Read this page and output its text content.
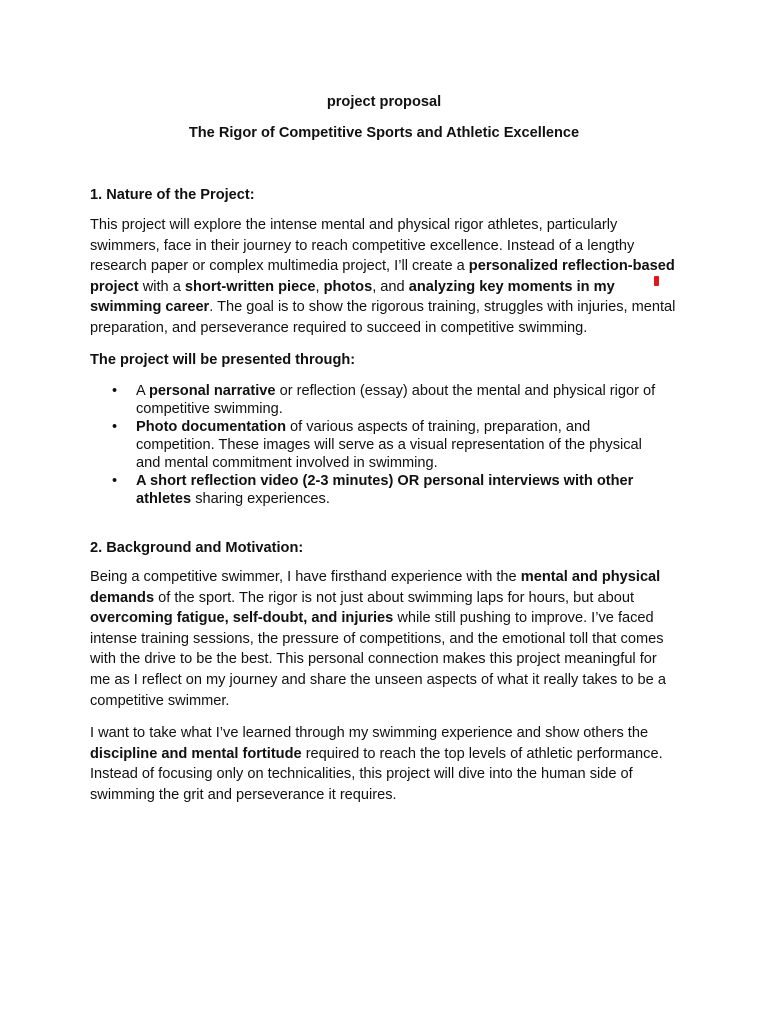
project proposal
The Rigor of Competitive Sports and Athletic Excellence
1. Nature of the Project:

This project will explore the intense mental and physical rigor athletes, particularly swimmers, face in their journey to reach competitive excellence. Instead of a lengthy research paper or complex multimedia project, I’ll create a personalized reflection-based project with a short-written piece, photos, and analyzing key moments in my swimming career. The goal is to show the rigorous training, struggles with injuries, mental preparation, and perseverance required to succeed in competitive swimming.

The project will be presented through:
• A personal narrative or reflection (essay) about the mental and physical rigor of competitive swimming.
• Photo documentation of various aspects of training, preparation, and competition. These images will serve as a visual representation of the physical and mental commitment involved in swimming.
• A short reflection video (2-3 minutes) OR personal interviews with other athletes sharing experiences.
2. Background and Motivation:

Being a competitive swimmer, I have firsthand experience with the mental and physical demands of the sport. The rigor is not just about swimming laps for hours, but about overcoming fatigue, self-doubt, and injuries while still pushing to improve. I’ve faced intense training sessions, the pressure of competitions, and the emotional toll that comes with the drive to be the best. This personal connection makes this project meaningful for me as I reflect on my journey and share the unseen aspects of what it really takes to be a competitive swimmer.

I want to take what I’ve learned through my swimming experience and show others the discipline and mental fortitude required to reach the top levels of athletic performance. Instead of focusing only on technicalities, this project will dive into the human side of swimming the grit and perseverance it requires.
